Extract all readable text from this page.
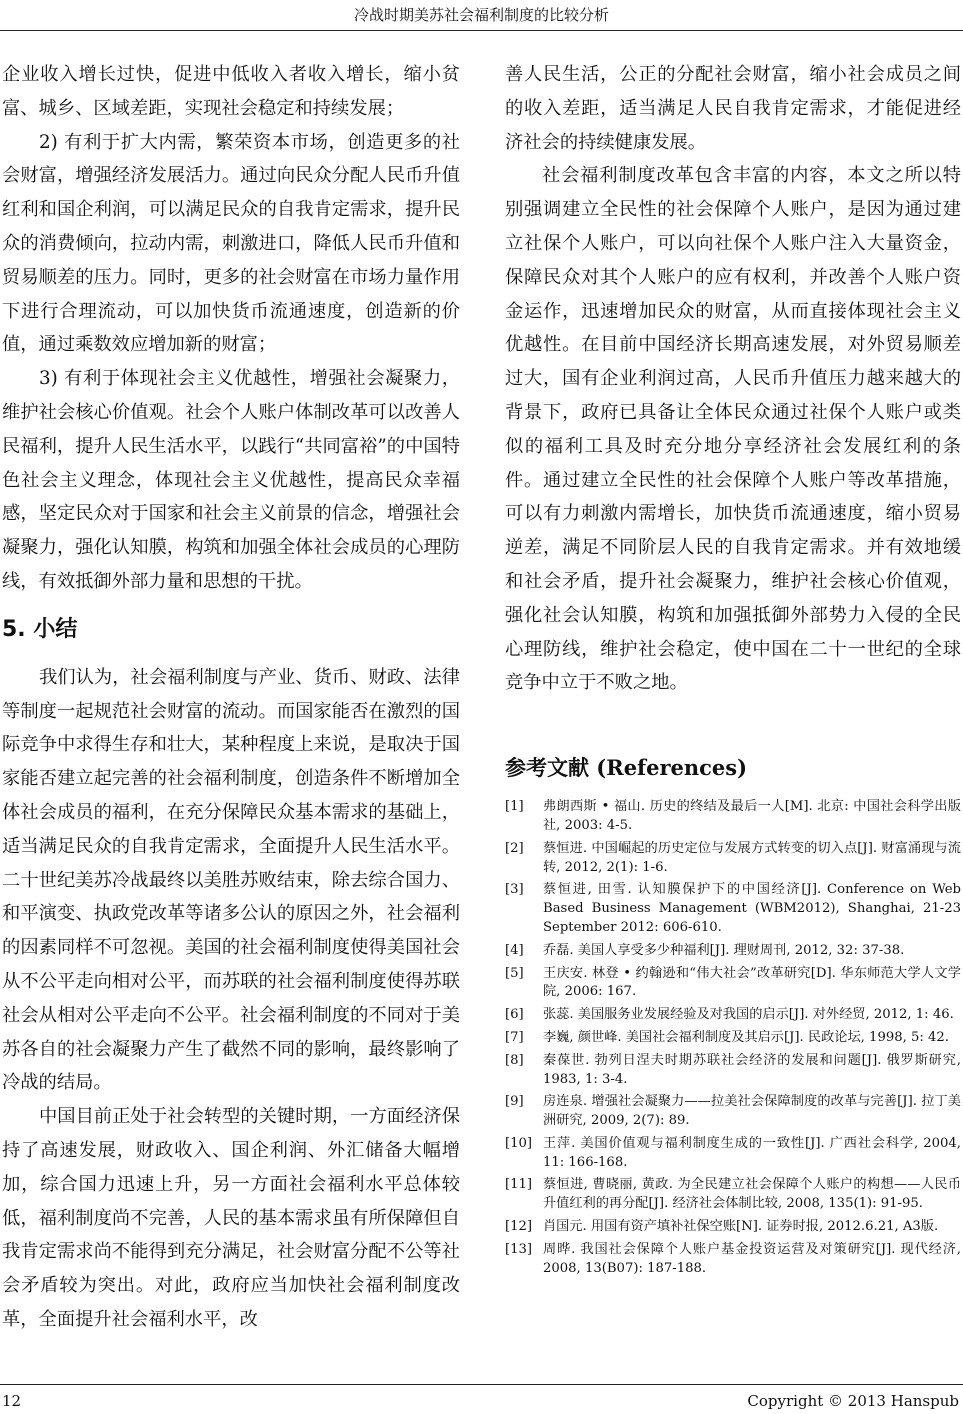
冷战时期美苏社会福利制度的比较分析

企业收入增长过快，促进中低收入者收入增长，缩小贫富、城乡、区域差距，实现社会稳定和持续发展；

2) 有利于扩大内需，繁荣资本市场，创造更多的社会财富，增强经济发展活力。通过向民众分配人民币升值红利和国企利润，可以满足民众的自我肯定需求，提升民众的消费倾向，拉动内需，刺激进口，降低人民币升值和贸易顺差的压力。同时，更多的社会财富在市场力量作用下进行合理流动，可以加快货币流通速度，创造新的价值，通过乘数效应增加新的财富；

3) 有利于体现社会主义优越性，增强社会凝聚力，维护社会核心价值观。社会个人账户体制改革可以改善人民福利，提升人民生活水平，以践行“共同富裕”的中国特色社会主义理念，体现社会主义优越性，提高民众幸福感，坚定民众对于国家和社会主义前景的信念，增强社会凝聚力，强化认知膜，构筑和加强全体社会成员的心理防线，有效抵御外部力量和思想的干扰。

5. 小结

我们认为，社会福利制度与产业、货币、财政、法律等制度一起规范社会财富的流动。而国家能否在激烈的国际竞争中求得生存和壮大，某种程度上来说，是取决于国家能否建立起完善的社会福利制度，创造条件不断增加全体社会成员的福利，在充分保障民众基本需求的基础上，适当满足民众的自我肯定需求，全面提升人民生活水平。二十世纪美苏冷战最终以美胜苏败结束，除去综合国力、和平演变、执政党改革等诸多公认的原因之外，社会福利的因素同样不可忽视。美国的社会福利制度使得美国社会从不公平走向相对公平，而苏联的社会福利制度使得苏联社会从相对公平走向不公平。社会福利制度的不同对于美苏各自的社会凝聚力产生了截然不同的影响，最终影响了冷战的结局。

中国目前正处于社会转型的关键时期，一方面经济保持了高速发展，财政收入、国企利润、外汇储备大幅增加，综合国力迅速上升，另一方面社会福利水平总体较低，福利制度尚不完善，人民的基本需求虽有所保障但自我肯定需求尚不能得到充分满足，社会财富分配不公等社会矛盾较为突出。对此，政府应当加快社会福利制度改革，全面提升社会福利水平，改

善人民生活，公正的分配社会财富，缩小社会成员之间的收入差距，适当满足人民自我肯定需求，才能促进经济社会的持续健康发展。

社会福利制度改革包含丰富的内容，本文之所以特别强调建立全民性的社会保障个人账户，是因为通过建立社保个人账户，可以向社保个人账户注入大量资金，保障民众对其个人账户的应有权利，并改善个人账户资金运作，迅速增加民众的财富，从而直接体现社会主义优越性。在目前中国经济长期高速发展，对外贸易顺差过大，国有企业利润过高，人民币升值压力越来越大的背景下，政府已具备让全体民众通过社保个人账户或类似的福利工具及时充分地分享经济社会发展红利的条件。通过建立全民性的社会保障个人账户等改革措施，可以有力刺激内需增长，加快货币流通速度，缩小贸易逆差，满足不同阶层人民的自我肯定需求。并有效地缓和社会矛盾，提升社会凝聚力，维护社会核心价值观，强化社会认知膜，构筑和加强抵御外部势力入侵的全民心理防线，维护社会稳定，使中国在二十一世纪的全球竞争中立于不败之地。

参考文献 (References)
[1]	弗朗西斯 • 福山. 历史的终结及最后一人[M]. 北京: 中国社会科学出版社, 2003: 4-5.
[2]	蔡恒进. 中国崛起的历史定位与发展方式转变的切入点[J]. 财富涌现与流转, 2012, 2(1): 1-6.
[3]	蔡恒进, 田雪. 认知膜保护下的中国经济[J]. Conference on Web Based Business Management (WBM2012), Shanghai, 21-23 September 2012: 606-610.
[4]	乔磊. 美国人享受多少种福利[J]. 理财周刊, 2012, 32: 37-38.
[5]	王庆安. 林登 • 约翰逊和“伟大社会”改革研究[D]. 华东师范大学人文学院, 2006: 167.
[6]	张蕊. 美国服务业发展经验及对我国的启示[J]. 对外经贸, 2012, 1: 46.
[7]	李巍, 颜世峰. 美国社会福利制度及其启示[J]. 民政论坛, 1998, 5: 42.
[8]	秦葆世. 勃列日涅夫时期苏联社会经济的发展和问题[J]. 俄罗斯研究, 1983, 1: 3-4.
[9]	房连泉. 增强社会凝聚力——拉美社会保障制度的改革与完善[J]. 拉丁美洲研究, 2009, 2(7): 89.
[10] 王萍. 美国价值观与福利制度生成的一致性[J]. 广西社会科学, 2004, 11: 166-168.
[11] 蔡恒进, 曹晓丽, 黄政. 为全民建立社会保障个人账户的构想——人民币升值红利的再分配[J]. 经济社会体制比较, 2008, 135(1): 91-95.
[12] 肖国元. 用国有资产填补社保空账[N]. 证券时报, 2012.6.21, A3版.
[13] 周晔. 我国社会保障个人账户基金投资运营及对策研究[J]. 现代经济, 2008, 13(B07): 187-188.
12	Copyright © 2013 Hanspub
